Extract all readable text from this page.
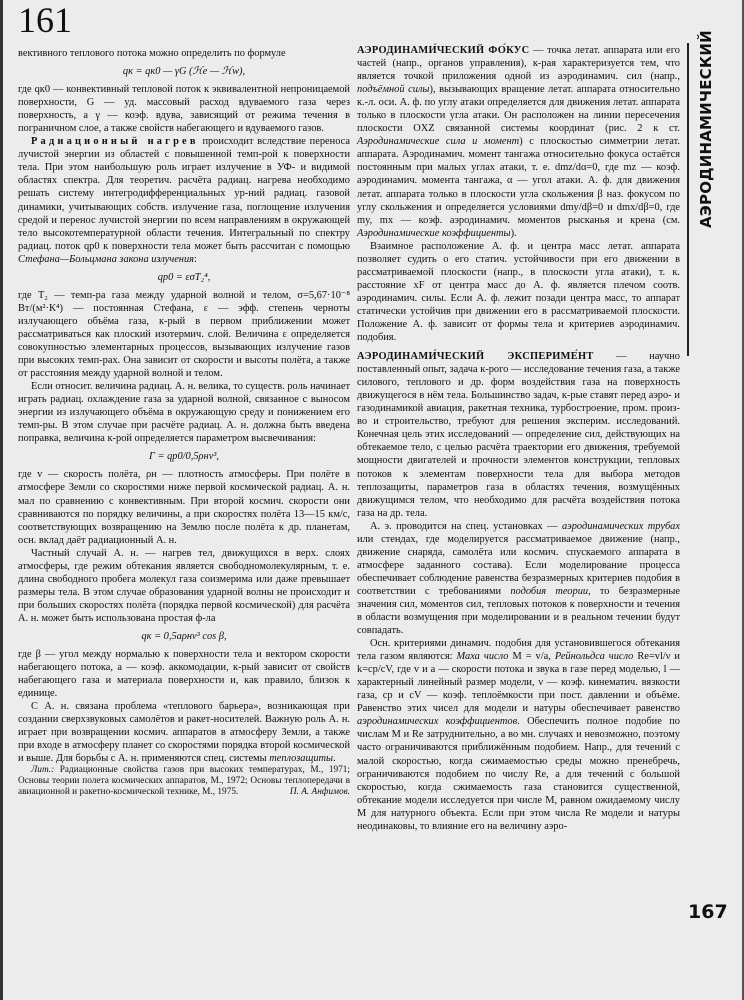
161

вективного теплового потока можно определить по формуле

qк = qк0 — γG (ℋe — ℋw),

где qк0 — конвективный тепловой поток к эквивалентной непроницаемой поверхности, G — уд. массовый расход вдуваемого газа через поверхность, а γ — коэф. вдува, зависящий от режима течения в пограничном слое, а также свойств набегающего и вдуваемого газов.

Радиационный нагрев происходит вследствие переноса лучистой энергии из областей с повышенной темп-рой к поверхности тела. При этом наибольшую роль играет излучение в УФ- и видимой областях спектра. Для теоретич. расчёта радиац. нагрева необходимо решать систему интегродифференциальных ур-ний радиац. газовой динамики, учитывающих собств. излучение газа, поглощение излучения средой и перенос лучистой энергии по всем направлениям в окружающей тело высокотемпературной области течения. Интегральный по спектру радиац. поток qр0 к поверхности тела может быть рассчитан с помощью Стефана—Больцмана закона излучения:

qр0 = εσT₂⁴,

где T₂ — темп-ра газа между ударной волной и телом, σ=5,67·10⁻⁸ Вт/(м²·К⁴) — постоянная Стефана, ε — эфф. степень черноты излучающего объёма газа, к-рый в первом приближении может рассматриваться как плоский изотермич. слой. Величина ε определяется совокупностью элементарных процессов, вызывающих излучение газов при высоких темп-рах. Она зависит от скорости и высоты полёта, а также от расстояния между ударной волной и телом.

Если относит. величина радиац. А. н. велика, то существ. роль начинает играть радиац. охлаждение газа за ударной волной, связанное с выносом энергии из излучающего объёма в окружающую среду и понижением его темп-ры. В этом случае при расчёте радиац. А. н. должна быть введена поправка, величина к-рой определяется параметром высвечивания:

Γ = qр0/0,5ρнv³,

где v — скорость полёта, ρн — плотность атмосферы. При полёте в атмосфере Земли со скоростями ниже первой космической радиац. А. н. мал по сравнению с конвективным. При второй космич. скорости они сравниваются по порядку величины, а при скоростях полёта 13—15 км/с, соответствующих возвращению на Землю после полёта к др. планетам, осн. вклад даёт радиационный А. н.

Частный случай А. н. — нагрев тел, движущихся в верх. слоях атмосферы, где режим обтекания является свободномолекулярным, т. е. длина свободного пробега молекул газа соизмерима или даже превышает размеры тела. В этом случае образования ударной волны не происходит и при больших скоростях полёта (порядка первой космической) для расчёта А. н. может быть использована простая ф-ла

qк = 0,5aρнv³ cos β,

где β — угол между нормалью к поверхности тела и вектором скорости набегающего потока, a — коэф. аккомодации, к-рый зависит от свойств набегающего газа и материала поверхности и, как правило, близок к единице.

С А. н. связана проблема «теплового барьера», возникающая при создании сверхзвуковых самолётов и ракет-носителей. Важную роль А. н. играет при возвращении космич. аппаратов в атмосферу Земли, а также при входе в атмосферу планет со скоростями порядка второй космической и выше. Для борьбы с А. н. применяются спец. системы теплозащиты.

Лит.: Радиационные свойства газов при высоких температурах, М., 1971; Основы теории полета космических аппаратов, М., 1972; Основы теплопередачи в авиационной и ракетно-космической технике, М., 1975.	П. А. Анфимов.

АЭРОДИНАМИ́ЧЕСКИЙ ФО́КУС — точка летат. аппарата или его частей (напр., органов управления), к-рая характеризуется тем, что является точкой приложения одной из аэродинамич. сил (напр., подъёмной силы), вызывающих вращение летат. аппарата относительно к.-л. оси. А. ф. по углу атаки определяется для движения летат. аппарата только в плоскости угла атаки. Он расположен на линии пересечения плоскости OXZ связанной системы координат (рис. 2 к ст. Аэродинамические сила и момент) с плоскостью симметрии летат. аппарата. Аэродинамич. момент тангажа относительно фокуса остаётся постоянным при малых углах атаки, т. е. dmz/dα=0, где mz — коэф. аэродинамич. момента тангажа, α — угол атаки. А. ф. для движения летат. аппарата только в плоскости угла скольжения β наз. фокусом по углу скольжения и определяется условиями dmy/dβ=0 и dmx/dβ=0, где my, mx — коэф. аэродинамич. моментов рысканья и крена (см. Аэродинамические коэффициенты).

Взаимное расположение А. ф. и центра масс летат. аппарата позволяет судить о его статич. устойчивости при его движении в рассматриваемой плоскости (напр., в плоскости угла атаки), т. к. расстояние xF от центра масс до А. ф. является плечом соотв. аэродинамич. силы. Если А. ф. лежит позади центра масс, то аппарат статически устойчив при движении его в рассматриваемой плоскости. Положение А. ф. зависит от формы тела и критериев аэродинамич. подобия.

АЭРОДИНАМИ́ЧЕСКИЙ ЭКСПЕРИМЕ́НТ — научно поставленный опыт, задача к-рого — исследование течения газа, а также силового, теплового и др. форм воздействия газа на поверхность движущегося в нём тела. Большинство задач, к-рые ставят перед аэро- и газодинамикой авиация, ракетная техника, турбостроение, пром. произ-во и строительство, требуют для решения эксперим. исследований. Конечная цель этих исследований — определение сил, действующих на обтекаемое тело, с целью расчёта траектории его движения, требуемой мощности двигателей и прочности элементов конструкции, тепловых потоков к элементам поверхности тела для выбора методов теплозащиты, параметров газа в областях течения, возмущённых движущимся телом, что необходимо для расчёта воздействия потока газа на др. тела.

А. э. проводится на спец. установках — аэродинамических трубах или стендах, где моделируется рассматриваемое движение (напр., движение снаряда, самолёта или космич. спускаемого аппарата в атмосфере заданного состава). Если моделирование процесса обеспечивает соблюдение равенства безразмерных критериев подобия в соответствии с требованиями подобия теории, то безразмерные значения сил, моментов сил, тепловых потоков к поверхности и течения в области возмущения при моделировании и в реальном течении будут совпадать.

Осн. критериями динамич. подобия для установившегося обтекания тела газом являются: Маха число M = v/a, Рейнольдса число Re=vl/ν и k=cp/cV, где v и a — скорости потока и звука в газе перед моделью, l — характерный линейный размер модели, ν — коэф. кинематич. вязкости газа, cp и cV — коэф. теплоёмкости при пост. давлении и объёме. Равенство этих чисел для модели и натуры обеспечивает равенство аэродинамических коэффициентов. Обеспечить полное подобие по числам M и Re затруднительно, а во мн. случаях и невозможно, поэтому часто ограничиваются приближённым подобием. Напр., для течений с малой скоростью, когда сжимаемостью среды можно пренебречь, ограничиваются подобием по числу Re, а для течений с большой скоростью, когда сжимаемость газа становится существенной, обтекание модели исследуется при числе M, равном ожидаемому числу M для натурного объекта. Если при этом числа Re модели и натуры неодинаковы, то влияние его на величину аэро-

АЭРОДИНАМИЧЕСКИЙ
167
